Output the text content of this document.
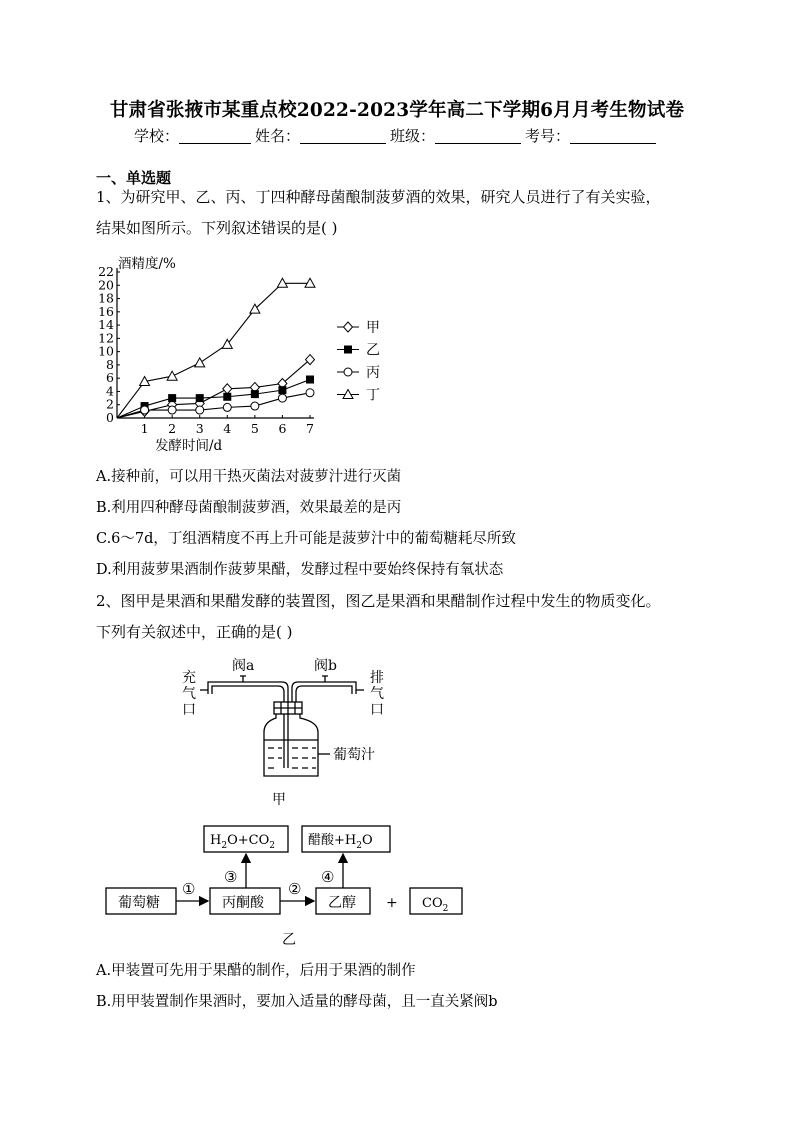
甘肃省张掖市某重点校2022-2023学年高二下学期6月月考生物试卷
学校：	姓名：	班级：	考号：
一、单选题
1、为研究甲、乙、丙、丁四种酵母菌酿制菠萝酒的效果，研究人员进行了有关实验，
结果如图所示。下列叙述错误的是( )
0
2
4
6
8
10
12
14
16
18
20
22
1 2 3 4 5 6 7
酒精度/%
发酵时间/d
甲
乙
丙
丁
A.接种前，可以用干热灭菌法对菠萝汁进行灭菌
B.利用四种酵母菌酿制菠萝酒，效果最差的是丙
C.6～7d，丁组酒精度不再上升可能是菠萝汁中的葡萄糖耗尽所致
D.利用菠萝果酒制作菠萝果醋，发酵过程中要始终保持有氧状态
2、图甲是果酒和果醋发酵的装置图，图乙是果酒和果醋制作过程中发生的物质变化。
下列有关叙述中，正确的是( )
阀a	阀b
充
气
口
排
气
口
葡萄汁
甲
葡萄糖	丙酮酸	乙醇 + $CO_2$
$H_2O+CO_2$	醋酸$+H_2O$
①	②
③	④
乙
A.甲装置可先用于果醋的制作，后用于果酒的制作
B.用甲装置制作果酒时，要加入适量的酵母菌，且一直关紧阀b
